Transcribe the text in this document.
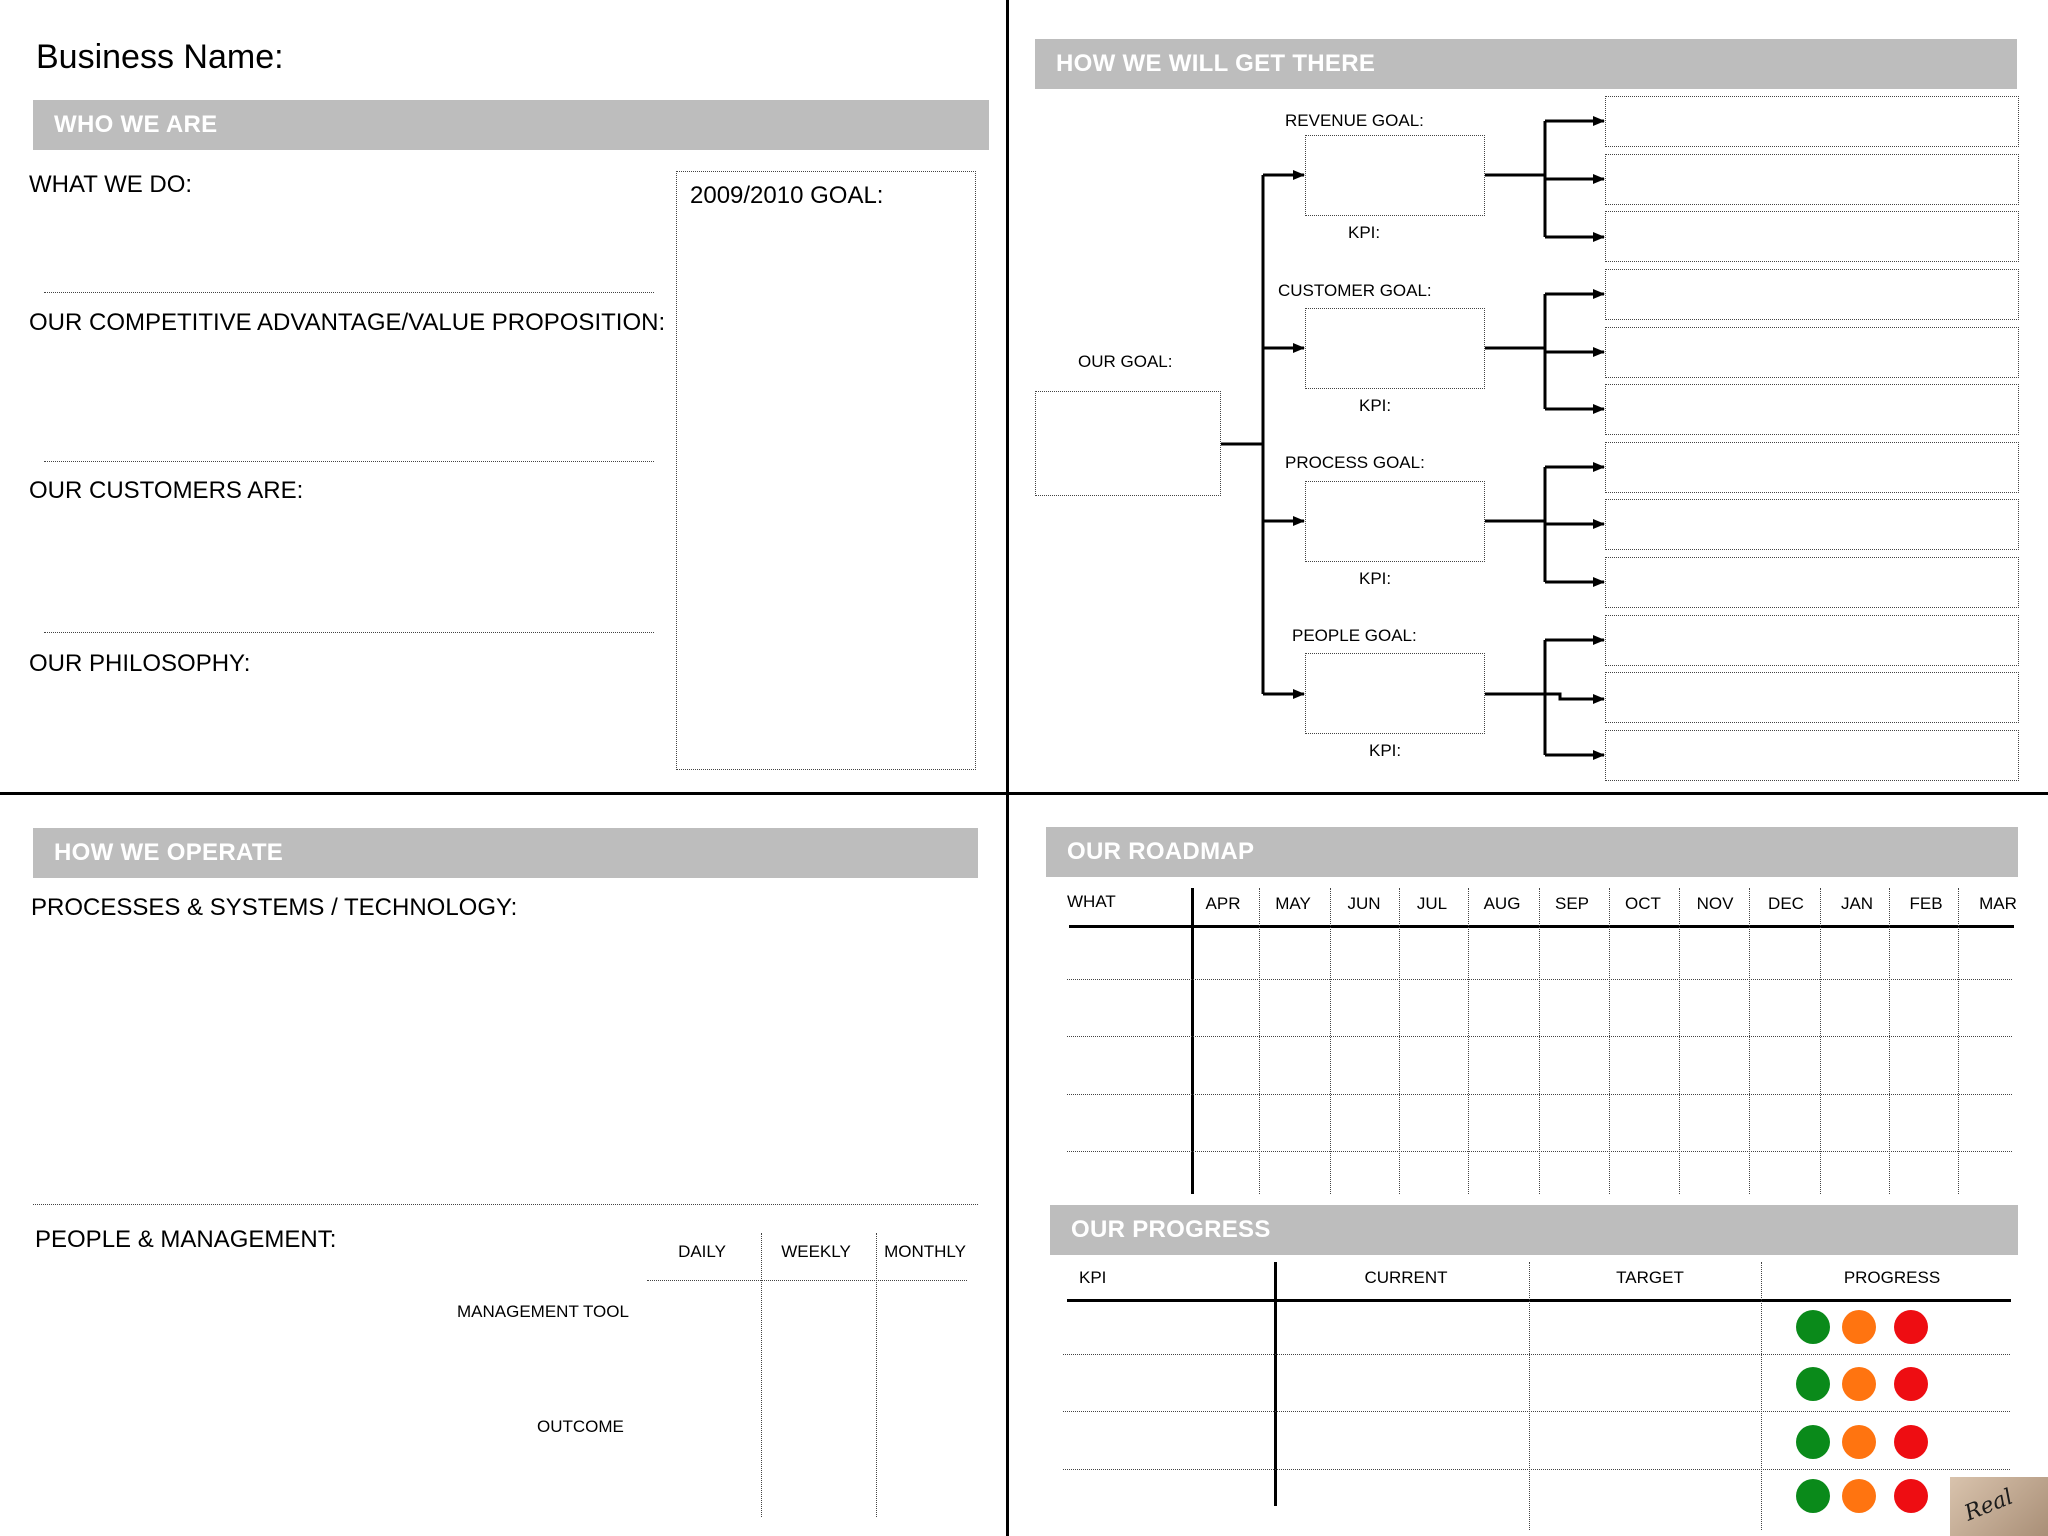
Business Name:
WHO WE ARE
WHAT WE DO:
OUR COMPETITIVE ADVANTAGE/VALUE PROPOSITION:
OUR CUSTOMERS ARE:
OUR PHILOSOPHY:
2009/2010 GOAL:
HOW WE WILL GET THERE
OUR GOAL:
REVENUE GOAL:
KPI:
CUSTOMER GOAL:
KPI:
PROCESS GOAL:
KPI:
PEOPLE GOAL:
KPI:
HOW WE OPERATE
PROCESSES & SYSTEMS / TECHNOLOGY:
PEOPLE & MANAGEMENT:	DAILY	WEEKLY	MONTHLY
MANAGEMENT TOOL
OUTCOME
OUR ROADMAP
WHAT	APR	MAY	JUN	JUL	AUG	SEP	OCT	NOV	DEC	JAN	FEB	MAR
OUR PROGRESS
KPI	CURRENT	TARGET	PROGRESS
Real
